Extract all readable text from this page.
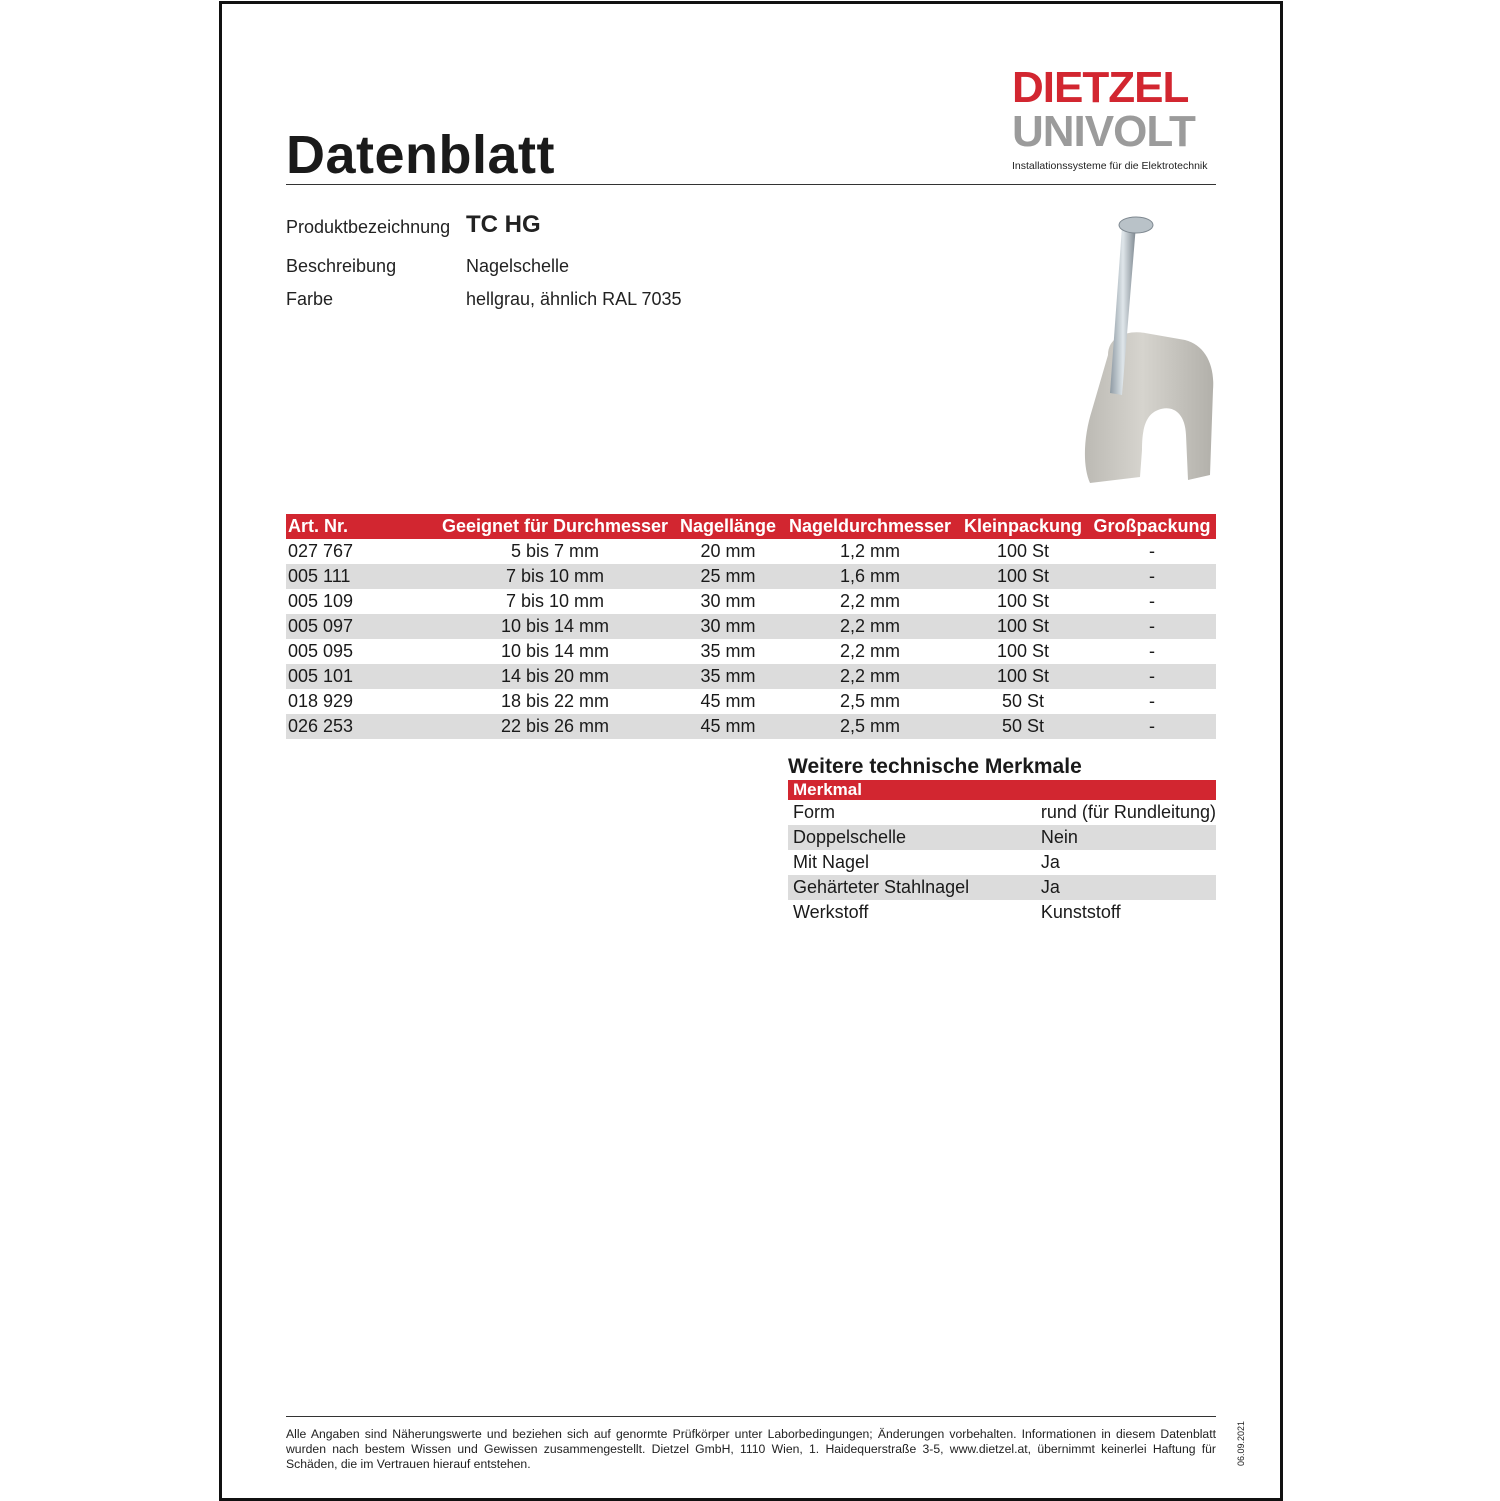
Datenblatt
DIETZEL
UNIVOLT
Installationssysteme für die Elektrotechnik
Produktbezeichnung TC HG
Beschreibung	Nagelschelle
Farbe	hellgrau, ähnlich RAL 7035
Art. Nr.	Geeignet für Durchmesser	Nagellänge	Nageldurchmesser	Kleinpackung	Großpackung
027 767	5 bis 7 mm	20 mm	1,2 mm	100 St	-
005 111	7 bis 10 mm	25 mm	1,6 mm	100 St	-
005 109	7 bis 10 mm	30 mm	2,2 mm	100 St	-
005 097	10 bis 14 mm	30 mm	2,2 mm	100 St	-
005 095	10 bis 14 mm	35 mm	2,2 mm	100 St	-
005 101	14 bis 20 mm	35 mm	2,2 mm	100 St	-
018 929	18 bis 22 mm	45 mm	2,5 mm	50 St	-
026 253	22 bis 26 mm	45 mm	2,5 mm	50 St	-
Weitere technische Merkmale
Merkmal	
Form	rund (für Rundleitung)
Doppelschelle	Nein
Mit Nagel	Ja
Gehärteter Stahlnagel	Ja
Werkstoff	Kunststoff
Alle Angaben sind Näherungswerte und beziehen sich auf genormte Prüfkörper unter Laborbedingungen; Änderungen vorbehalten. Informationen in diesem Datenblatt wurden nach bestem Wissen und Gewissen zusammengestellt. Dietzel GmbH, 1110 Wien, 1. Haidequerstraße 3-5, www.dietzel.at, übernimmt keinerlei Haftung für Schäden, die im Vertrauen hierauf entstehen.	06.09.2021
